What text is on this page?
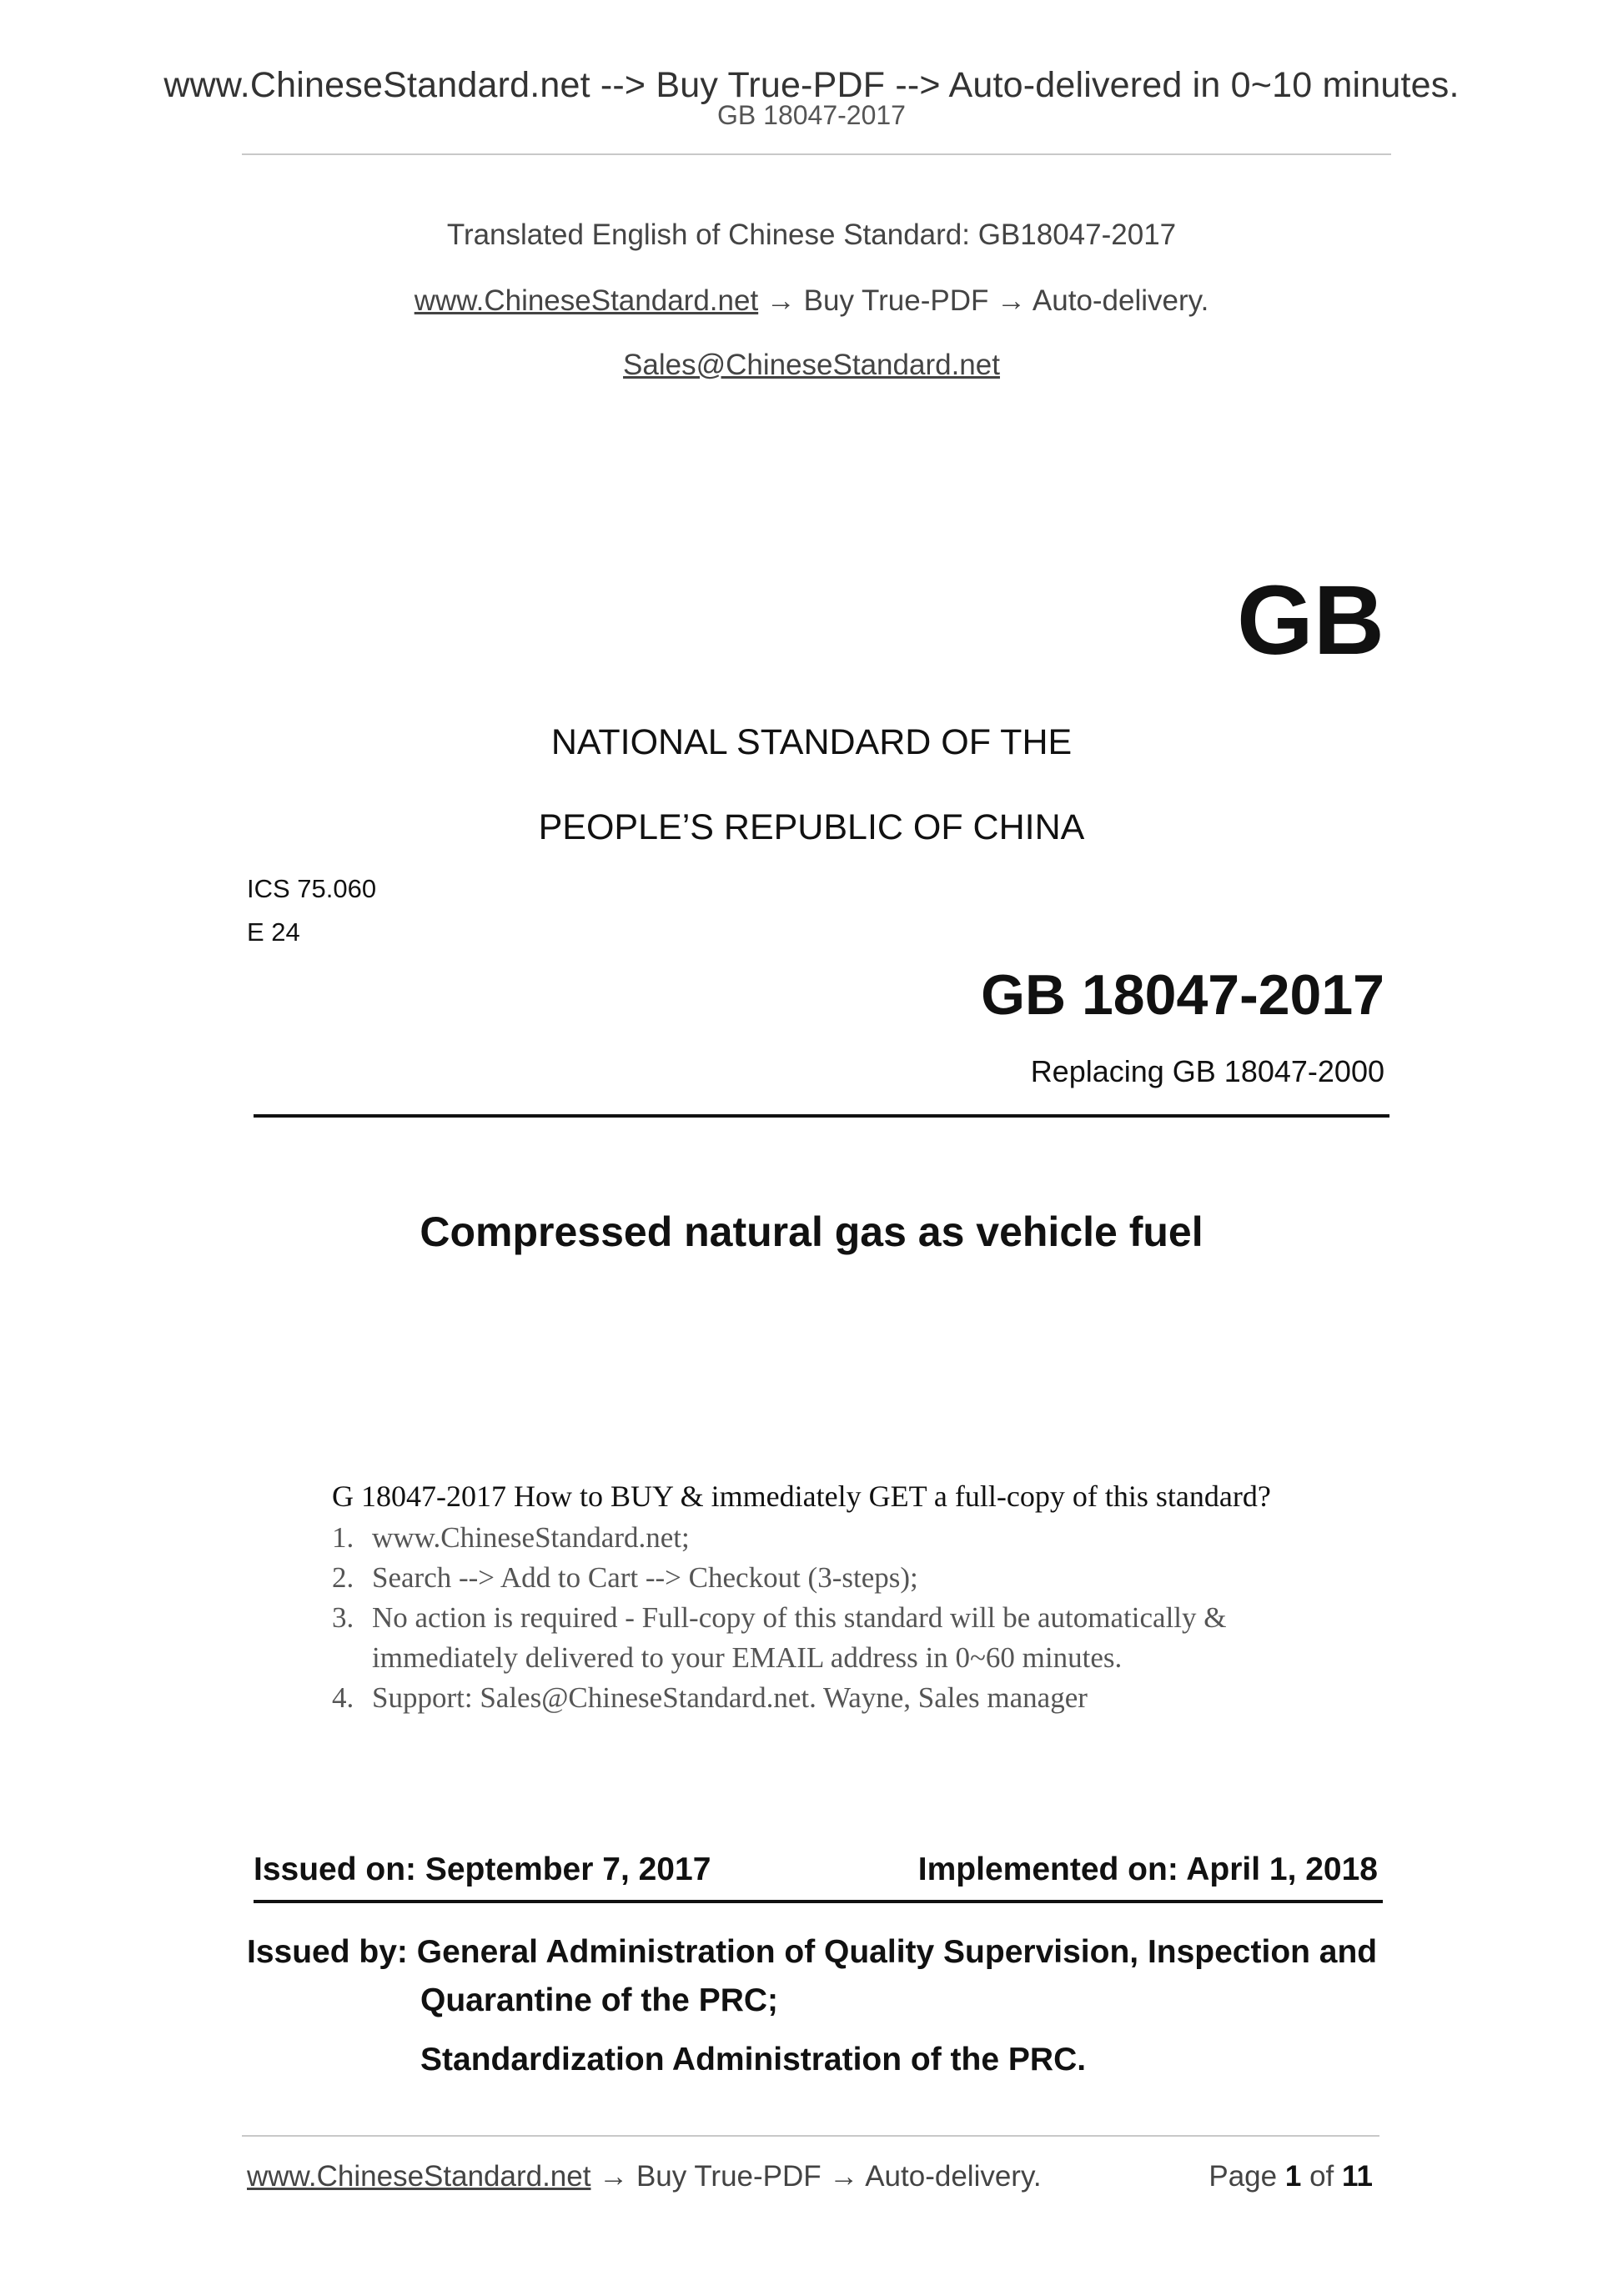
www.ChineseStandard.net --> Buy True-PDF --> Auto-delivered in 0~10 minutes.
GB 18047-2017
Translated English of Chinese Standard: GB18047-2017
www.ChineseStandard.net → Buy True-PDF → Auto-delivery.
Sales@ChineseStandard.net
GB
NATIONAL STANDARD OF THE
PEOPLE’S REPUBLIC OF CHINA
ICS 75.060
E 24
GB 18047-2017
Replacing GB 18047-2000
Compressed natural gas as vehicle fuel
G 18047-2017 How to BUY & immediately GET a full-copy of this standard?
1. www.ChineseStandard.net;
2. Search --> Add to Cart --> Checkout (3-steps);
3. No action is required - Full-copy of this standard will be automatically & immediately delivered to your EMAIL address in 0~60 minutes.
4. Support: Sales@ChineseStandard.net. Wayne, Sales manager
Issued on: September 7, 2017	Implemented on: April 1, 2018
Issued by: General Administration of Quality Supervision, Inspection and
Quarantine of the PRC;
Standardization Administration of the PRC.
www.ChineseStandard.net → Buy True-PDF → Auto-delivery.	Page 1 of 11
